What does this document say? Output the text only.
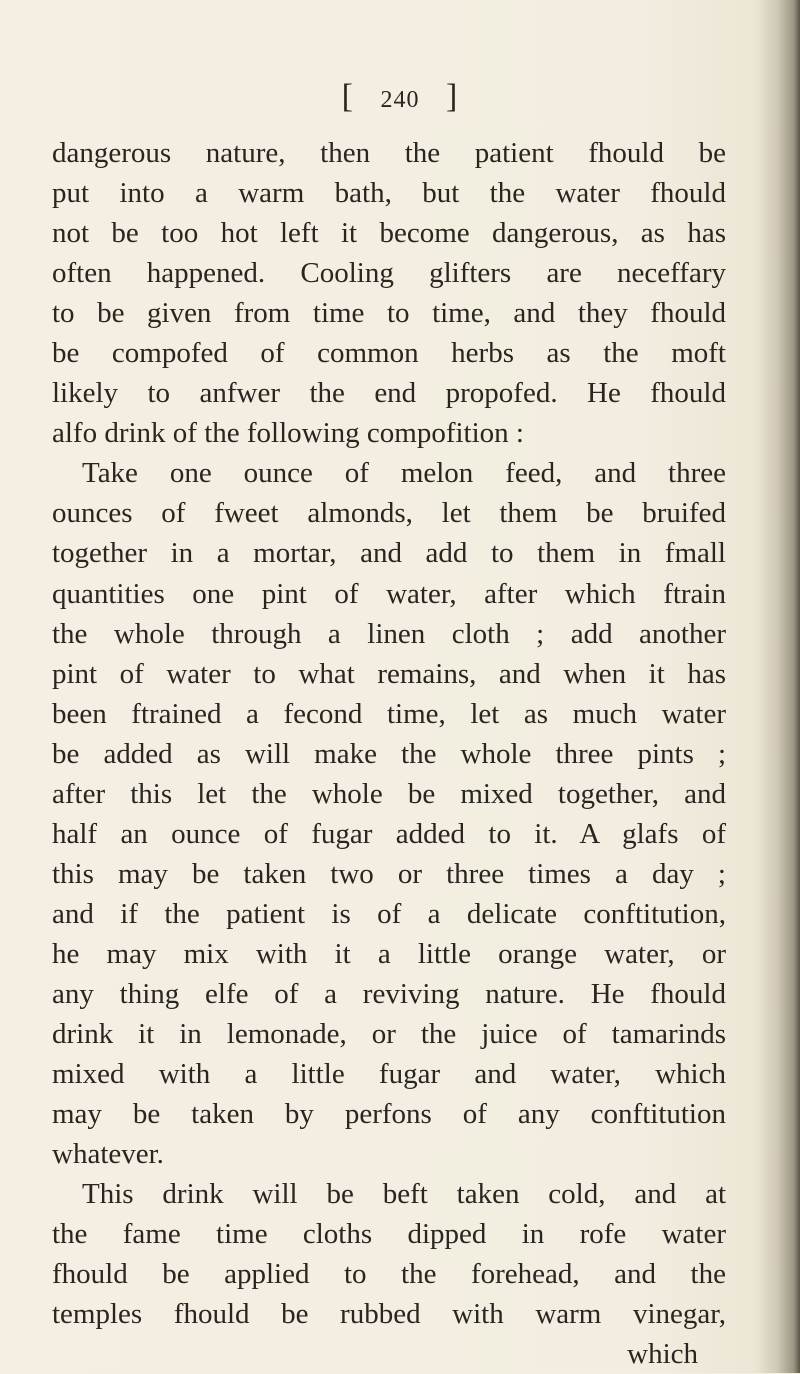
[ 240 ]
dangerous nature, then the patient fhould be
put into a warm bath, but the water fhould
not be too hot left it become dangerous, as has
often happened. Cooling glifters are neceffary
to be given from time to time, and they fhould
be compofed of common herbs as the moft
likely to anfwer the end propofed. He fhould
alfo drink of the following compofition :
Take one ounce of melon feed, and three
ounces of fweet almonds, let them be bruifed
together in a mortar, and add to them in fmall
quantities one pint of water, after which ftrain
the whole through a linen cloth ; add another
pint of water to what remains, and when it has
been ftrained a fecond time, let as much water
be added as will make the whole three pints ;
after this let the whole be mixed together, and
half an ounce of fugar added to it. A glafs of
this may be taken two or three times a day ;
and if the patient is of a delicate conftitution,
he may mix with it a little orange water, or
any thing elfe of a reviving nature. He fhould
drink it in lemonade, or the juice of tamarinds
mixed with a little fugar and water, which
may be taken by perfons of any conftitution
whatever.
This drink will be beft taken cold, and at
the fame time cloths dipped in rofe water
fhould be applied to the forehead, and the
temples fhould be rubbed with warm vinegar,
which
